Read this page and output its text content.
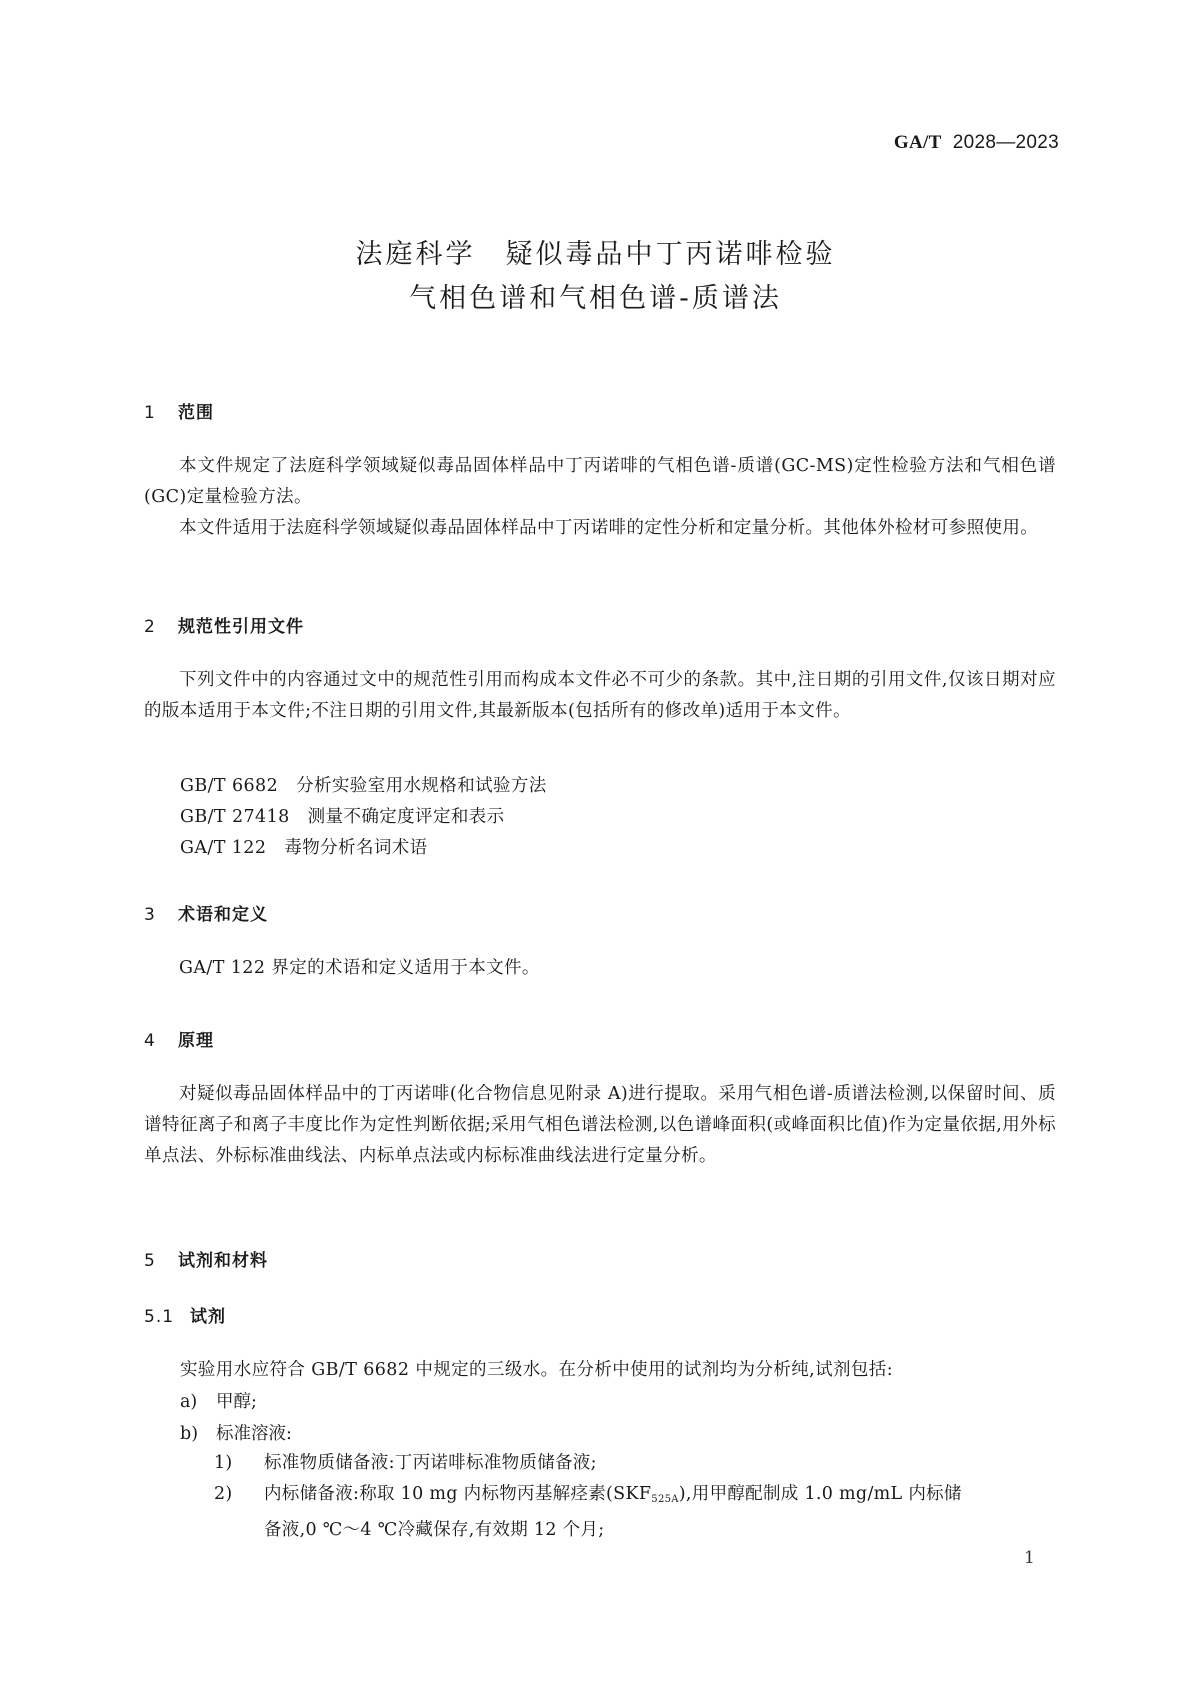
GA/T 2028—2023
法庭科学　疑似毒品中丁丙诺啡检验
气相色谱和气相色谱-质谱法
1 范围
本文件规定了法庭科学领域疑似毒品固体样品中丁丙诺啡的气相色谱-质谱(GC-MS)定性检验方法和气相色谱(GC)定量检验方法。
本文件适用于法庭科学领域疑似毒品固体样品中丁丙诺啡的定性分析和定量分析。其他体外检材可参照使用。
2 规范性引用文件
下列文件中的内容通过文中的规范性引用而构成本文件必不可少的条款。其中,注日期的引用文件,仅该日期对应的版本适用于本文件;不注日期的引用文件,其最新版本(包括所有的修改单)适用于本文件。
GB/T 6682 分析实验室用水规格和试验方法
GB/T 27418 测量不确定度评定和表示
GA/T 122 毒物分析名词术语
3 术语和定义
GA/T 122 界定的术语和定义适用于本文件。
4 原理
对疑似毒品固体样品中的丁丙诺啡(化合物信息见附录 A)进行提取。采用气相色谱-质谱法检测,以保留时间、质谱特征离子和离子丰度比作为定性判断依据;采用气相色谱法检测,以色谱峰面积(或峰面积比值)作为定量依据,用外标单点法、外标标准曲线法、内标单点法或内标标准曲线法进行定量分析。
5 试剂和材料
5.1 试剂
实验用水应符合 GB/T 6682 中规定的三级水。在分析中使用的试剂均为分析纯,试剂包括:
a) 甲醇;
b) 标准溶液:
1) 标准物质储备液:丁丙诺啡标准物质储备液;
2) 内标储备液:称取 10 mg 内标物丙基解痉素$(SKF_{525A})$,用甲醇配制成 1.0 mg/mL 内标储
备液,0 ℃～4 ℃冷藏保存,有效期 12 个月;
1
